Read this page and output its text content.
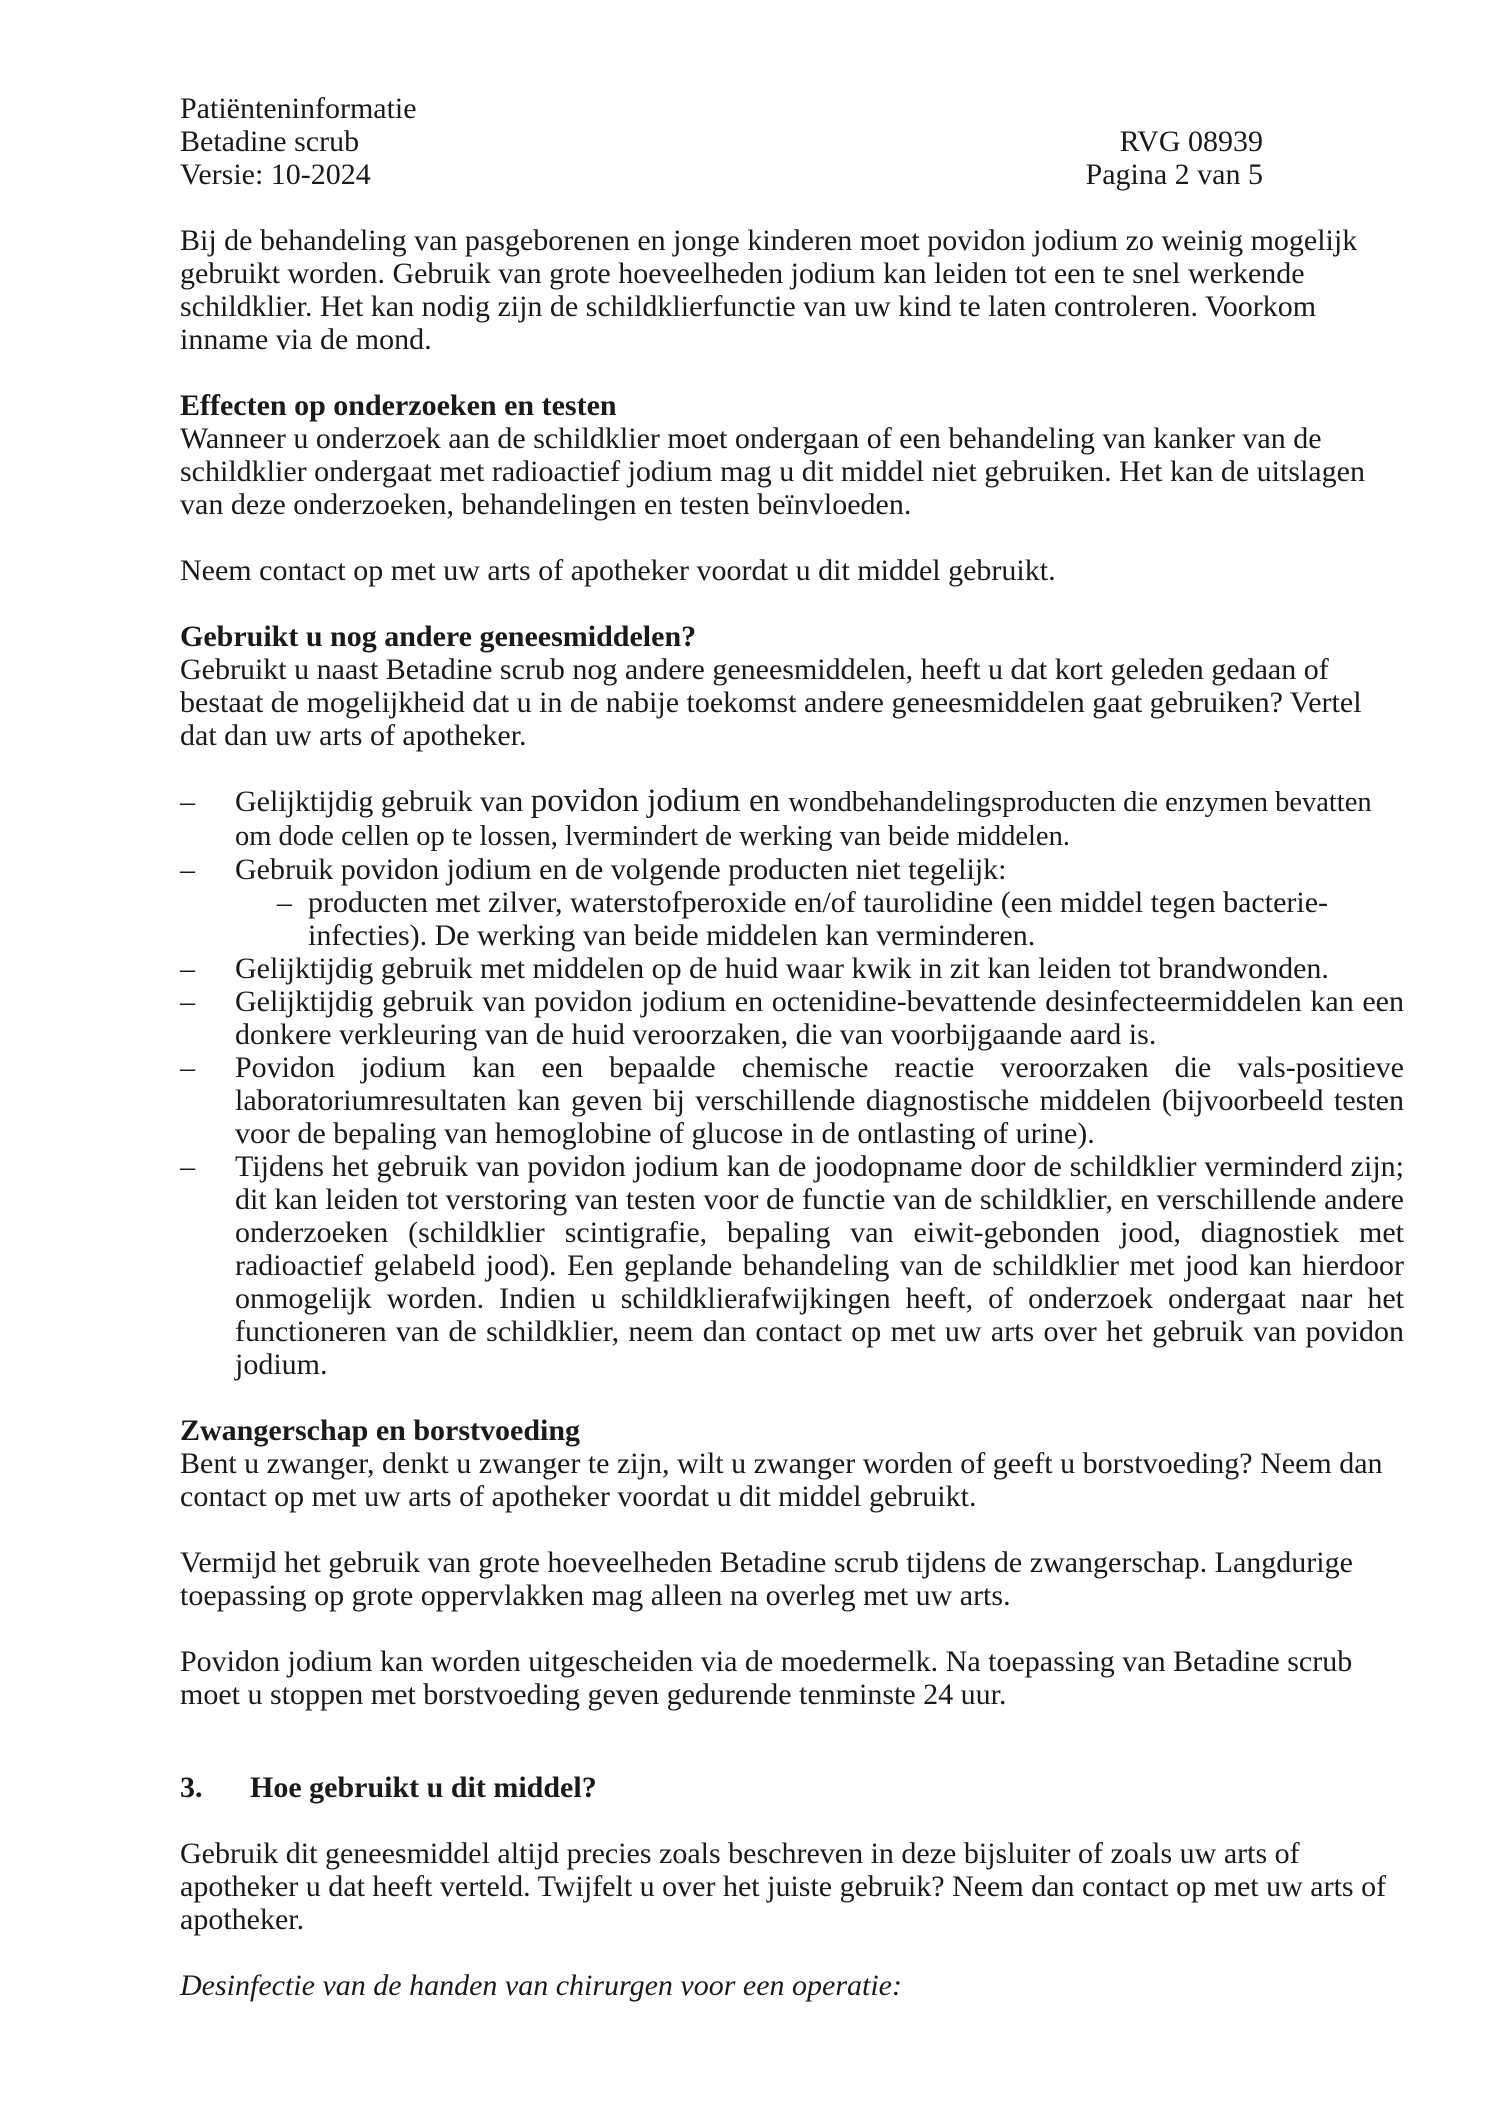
Patiënteninformatie
Betadine scrub
Versie: 10-2024
RVG 08939
Pagina 2 van 5

Bij de behandeling van pasgeborenen en jonge kinderen moet povidon jodium zo weinig mogelijk gebruikt worden. Gebruik van grote hoeveelheden jodium kan leiden tot een te snel werkende schildklier. Het kan nodig zijn de schildklierfunctie van uw kind te laten controleren. Voorkom inname via de mond.

Effecten op onderzoeken en testen

Wanneer u onderzoek aan de schildklier moet ondergaan of een behandeling van kanker van de schildklier ondergaat met radioactief jodium mag u dit middel niet gebruiken. Het kan de uitslagen van deze onderzoeken, behandelingen en testen beïnvloeden.

Neem contact op met uw arts of apotheker voordat u dit middel gebruikt.

Gebruikt u nog andere geneesmiddelen?

Gebruikt u naast Betadine scrub nog andere geneesmiddelen, heeft u dat kort geleden gedaan of bestaat de mogelijkheid dat u in de nabije toekomst andere geneesmiddelen gaat gebruiken? Vertel dat dan uw arts of apotheker.

–	Gelijktijdig gebruik van povidon jodium en wondbehandelingsproducten die enzymen bevatten om dode cellen op te lossen, lvermindert de werking van beide middelen.
–	Gebruik povidon jodium en de volgende producten niet tegelijk:
– producten met zilver, waterstofperoxide en/of taurolidine (een middel tegen bacterie-infecties). De werking van beide middelen kan verminderen.
–	Gelijktijdig gebruik met middelen op de huid waar kwik in zit kan leiden tot brandwonden.
–	Gelijktijdig gebruik van povidon jodium en octenidine-bevattende desinfecteermiddelen kan een donkere verkleuring van de huid veroorzaken, die van voorbijgaande aard is.
–	Povidon jodium kan een bepaalde chemische reactie veroorzaken die vals-positieve laboratoriumresultaten kan geven bij verschillende diagnostische middelen (bijvoorbeeld testen voor de bepaling van hemoglobine of glucose in de ontlasting of urine).
–	Tijdens het gebruik van povidon jodium kan de joodopname door de schildklier verminderd zijn; dit kan leiden tot verstoring van testen voor de functie van de schildklier, en verschillende andere onderzoeken (schildklier scintigrafie, bepaling van eiwit-gebonden jood, diagnostiek met radioactief gelabeld jood). Een geplande behandeling van de schildklier met jood kan hierdoor onmogelijk worden. Indien u schildklierafwijkingen heeft, of onderzoek ondergaat naar het functioneren van de schildklier, neem dan contact op met uw arts over het gebruik van povidon jodium.
Zwangerschap en borstvoeding

Bent u zwanger, denkt u zwanger te zijn, wilt u zwanger worden of geeft u borstvoeding? Neem dan contact op met uw arts of apotheker voordat u dit middel gebruikt.

Vermijd het gebruik van grote hoeveelheden Betadine scrub tijdens de zwangerschap. Langdurige toepassing op grote oppervlakken mag alleen na overleg met uw arts.

Povidon jodium kan worden uitgescheiden via de moedermelk. Na toepassing van Betadine scrub moet u stoppen met borstvoeding geven gedurende tenminste 24 uur.

3.	Hoe gebruikt u dit middel?

Gebruik dit geneesmiddel altijd precies zoals beschreven in deze bijsluiter of zoals uw arts of apotheker u dat heeft verteld. Twijfelt u over het juiste gebruik? Neem dan contact op met uw arts of apotheker.

Desinfectie van de handen van chirurgen voor een operatie:
